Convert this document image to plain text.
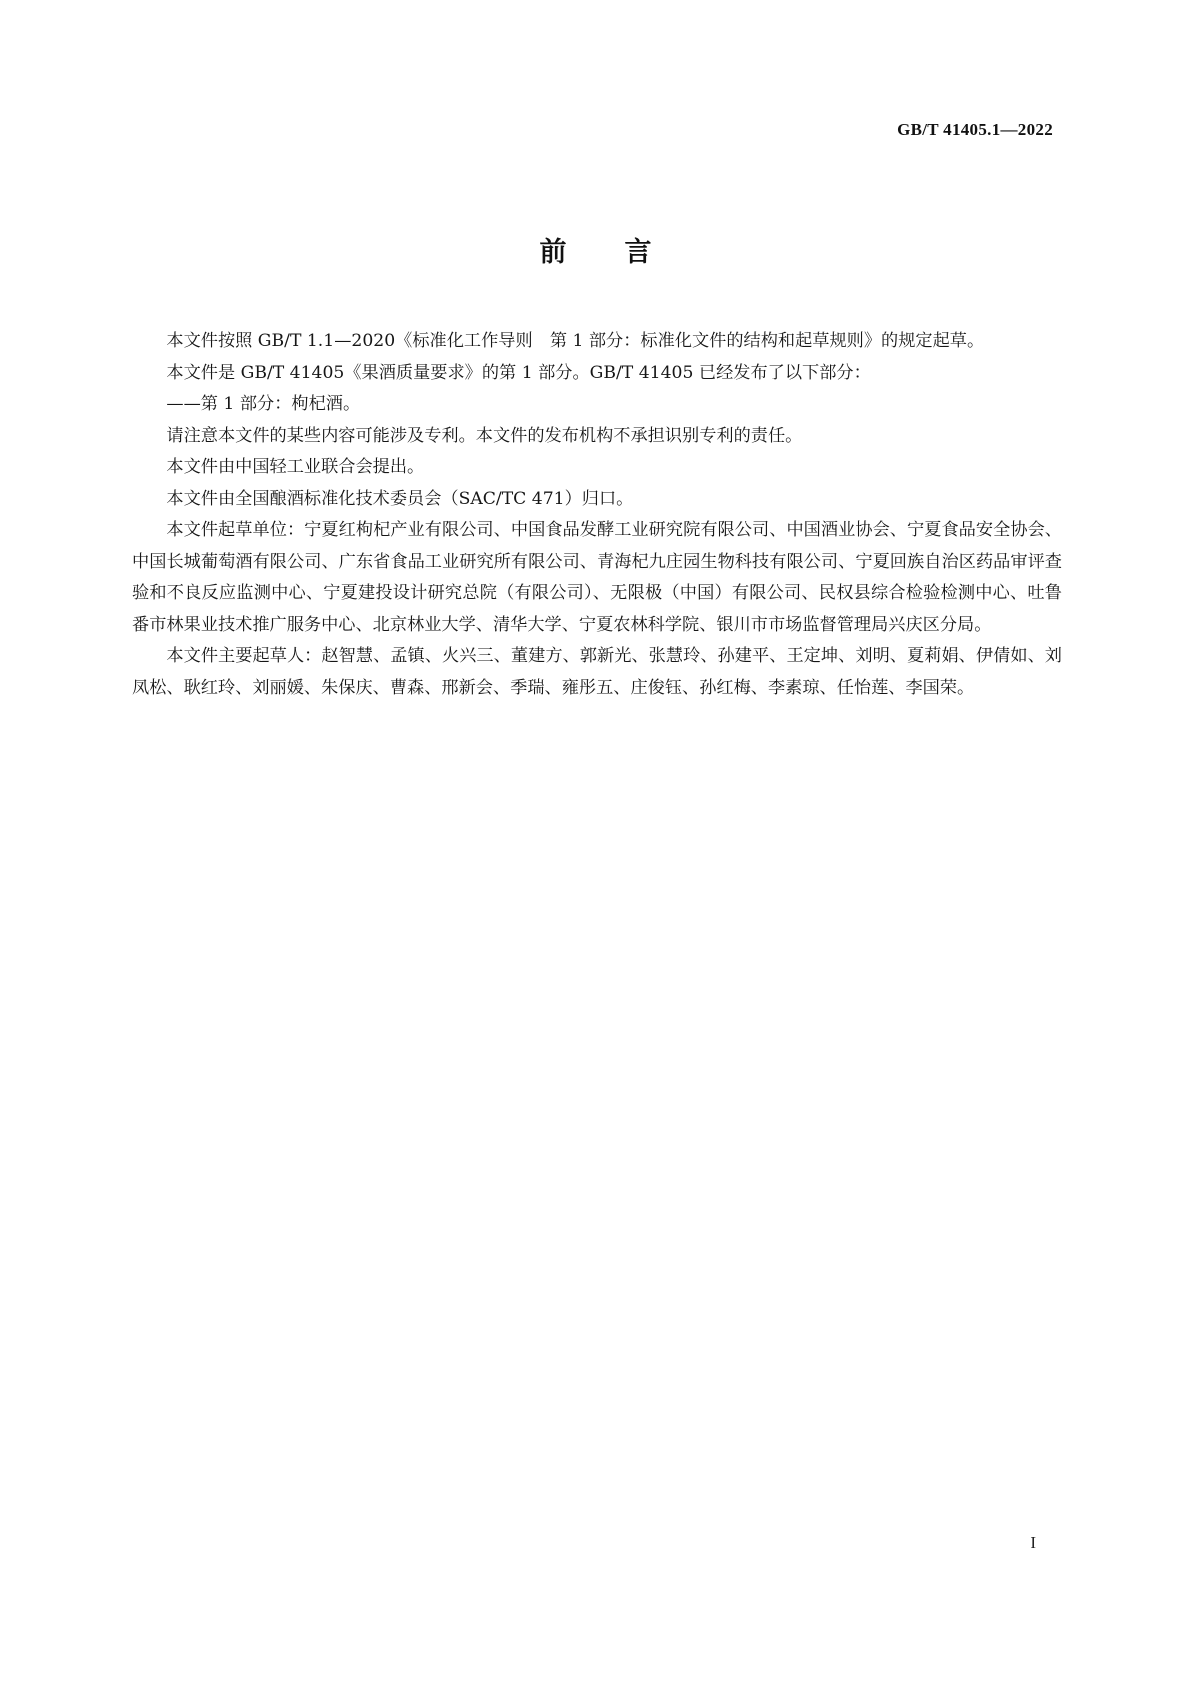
GB/T 41405.1—2022
前言

本文件按照 GB/T 1.1—2020《标准化工作导则　第 1 部分：标准化文件的结构和起草规则》的规定起草。

本文件是 GB/T 41405《果酒质量要求》的第 1 部分。GB/T 41405 已经发布了以下部分：

——第 1 部分：枸杞酒。

请注意本文件的某些内容可能涉及专利。本文件的发布机构不承担识别专利的责任。

本文件由中国轻工业联合会提出。

本文件由全国酿酒标准化技术委员会（SAC/TC 471）归口。

本文件起草单位：宁夏红枸杞产业有限公司、中国食品发酵工业研究院有限公司、中国酒业协会、宁夏食品安全协会、中国长城葡萄酒有限公司、广东省食品工业研究所有限公司、青海杞九庄园生物科技有限公司、宁夏回族自治区药品审评查验和不良反应监测中心、宁夏建投设计研究总院（有限公司）、无限极（中国）有限公司、民权县综合检验检测中心、吐鲁番市林果业技术推广服务中心、北京林业大学、清华大学、宁夏农林科学院、银川市市场监督管理局兴庆区分局。

本文件主要起草人：赵智慧、孟镇、火兴三、董建方、郭新光、张慧玲、孙建平、王定坤、刘明、夏莉娟、伊倩如、刘凤松、耿红玲、刘丽媛、朱保庆、曹森、邢新会、季瑞、雍彤五、庄俊钰、孙红梅、李素琼、任怡莲、李国荣。

I
